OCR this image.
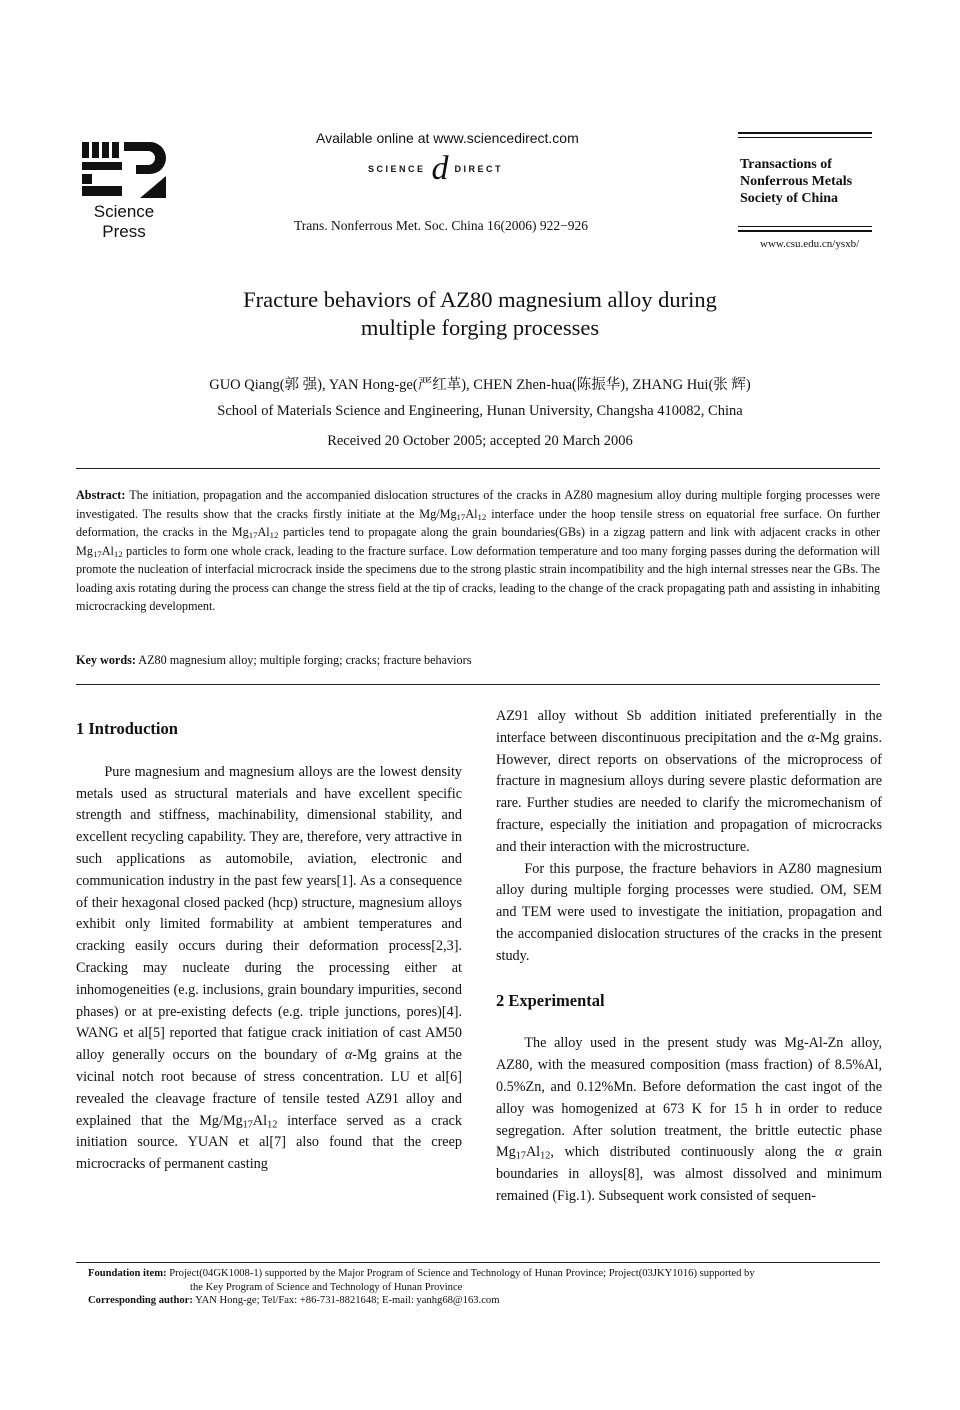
Science
Press
Available online at www.sciencedirect.com
SCIENCE d DIRECT
Trans. Nonferrous Met. Soc. China 16(2006) 922−926
Transactions of
Nonferrous Metals
Society of China
www.csu.edu.cn/ysxb/
Fracture behaviors of AZ80 magnesium alloy during
multiple forging processes
GUO Qiang(郭 强), YAN Hong-ge(严红革), CHEN Zhen-hua(陈振华), ZHANG Hui(张 辉)
School of Materials Science and Engineering, Hunan University, Changsha 410082, China
Received 20 October 2005; accepted 20 March 2006
Abstract: The initiation, propagation and the accompanied dislocation structures of the cracks in AZ80 magnesium alloy during multiple forging processes were investigated. The results show that the cracks firstly initiate at the $Mg/Mg_{17}Al_{12}$ interface under the hoop tensile stress on equatorial free surface. On further deformation, the cracks in the $Mg_{17}Al_{12}$ particles tend to propagate along the grain boundaries(GBs) in a zigzag pattern and link with adjacent cracks in other $Mg_{17}Al_{12}$ particles to form one whole crack, leading to the fracture surface. Low deformation temperature and too many forging passes during the deformation will promote the nucleation of interfacial microcrack inside the specimens due to the strong plastic strain incompatibility and the high internal stresses near the GBs. The loading axis rotating during the process can change the stress field at the tip of cracks, leading to the change of the crack propagating path and assisting in inhabiting microcracking development.
Key words: AZ80 magnesium alloy; multiple forging; cracks; fracture behaviors

1 Introduction

Pure magnesium and magnesium alloys are the lowest density metals used as structural materials and have excellent specific strength and stiffness, machinability, dimensional stability, and excellent recycling capability. They are, therefore, very attractive in such applications as automobile, aviation, electronic and communication industry in the past few years[1]. As a consequence of their hexagonal closed packed (hcp) structure, magnesium alloys exhibit only limited formability at ambient temperatures and cracking easily occurs during their deformation process[2,3]. Cracking may nucleate during the processing either at inhomogeneities (e.g. inclusions, grain boundary impurities, second phases) or at pre-existing defects (e.g. triple junctions, pores)[4]. WANG et al[5] reported that fatigue crack initiation of cast AM50 alloy generally occurs on the boundary of α-Mg grains at the vicinal notch root because of stress concentration. LU et al[6] revealed the cleavage fracture of tensile tested AZ91 alloy and explained that the $Mg/Mg_{17}Al_{12}$ interface served as a crack initiation source. YUAN et al[7] also found that the creep microcracks of permanent casting

AZ91 alloy without Sb addition initiated preferentially in the interface between discontinuous precipitation and the α-Mg grains. However, direct reports on observations of the microprocess of fracture in magnesium alloys during severe plastic deformation are rare. Further studies are needed to clarify the micromechanism of fracture, especially the initiation and propagation of microcracks and their interaction with the microstructure.

For this purpose, the fracture behaviors in AZ80 magnesium alloy during multiple forging processes were studied. OM, SEM and TEM were used to investigate the initiation, propagation and the accompanied dislocation structures of the cracks in the present study.

2 Experimental

The alloy used in the present study was Mg-Al-Zn alloy, AZ80, with the measured composition (mass fraction) of 8.5%Al, 0.5%Zn, and 0.12%Mn. Before deformation the cast ingot of the alloy was homogenized at 673 K for 15 h in order to reduce segregation. After solution treatment, the brittle eutectic phase $Mg_{17}Al_{12}$, which distributed continuously along the α grain boundaries in alloys[8], was almost dissolved and minimum remained (Fig.1). Subsequent work consisted of sequen-

Foundation item: Project(04GK1008-1) supported by the Major Program of Science and Technology of Hunan Province; Project(03JKY1016) supported by
the Key Program of Science and Technology of Hunan Province
Corresponding author: YAN Hong-ge; Tel/Fax: +86-731-8821648; E-mail: yanhg68@163.com
